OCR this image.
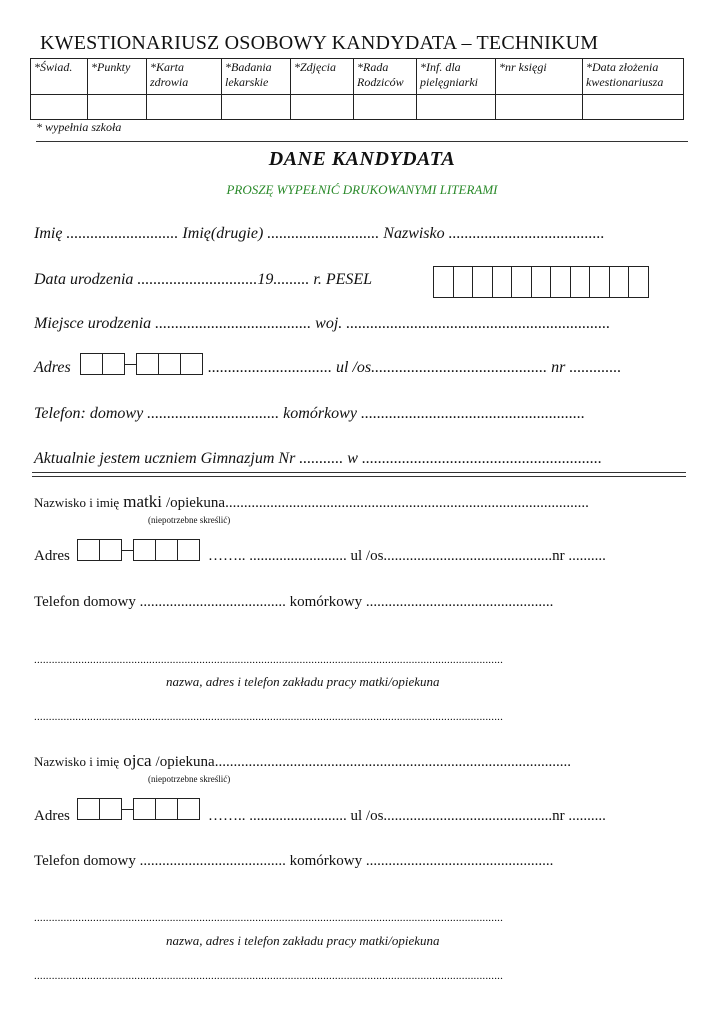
KWESTIONARIUSZ OSOBOWY KANDYDATA – TECHNIKUM
*Świad.	*Punkty	*Karta zdrowia	*Badania lekarskie	*Zdjęcia	*Rada Rodziców	*Inf. dla pielęgniarki	*nr księgi	*Data złożenia kwestionariusza

* wypełnia szkoła
DANE KANDYDATA
PROSZĘ WYPEŁNIĆ DRUKOWANYMI LITERAMI
Imię ............................ Imię(drugie) ............................ Nazwisko .......................................
Data urodzenia ..............................19......... r. PESEL
Miejsce urodzenia ....................................... woj. ..................................................................
Adres	............................... ul /os............................................ nr .............
Telefon: domowy ................................. komórkowy ........................................................
Aktualnie jestem uczniem Gimnazjum Nr ........... w ............................................................
Nazwisko i imię matki /opiekuna.................................................................................................
(niepotrzebne skreślić)
Adres	…….. .......................... ul /os.............................................nr ..........
Telefon domowy ....................................... komórkowy ..................................................
...............................................................................................................................................................
nazwa, adres i telefon zakładu pracy matki/opiekuna
...............................................................................................................................................................
Nazwisko i imię ojca /opiekuna...............................................................................................
(niepotrzebne skreślić)
Adres	…….. .......................... ul /os.............................................nr ..........
Telefon domowy ....................................... komórkowy ..................................................
...............................................................................................................................................................
nazwa, adres i telefon zakładu pracy matki/opiekuna
...............................................................................................................................................................
